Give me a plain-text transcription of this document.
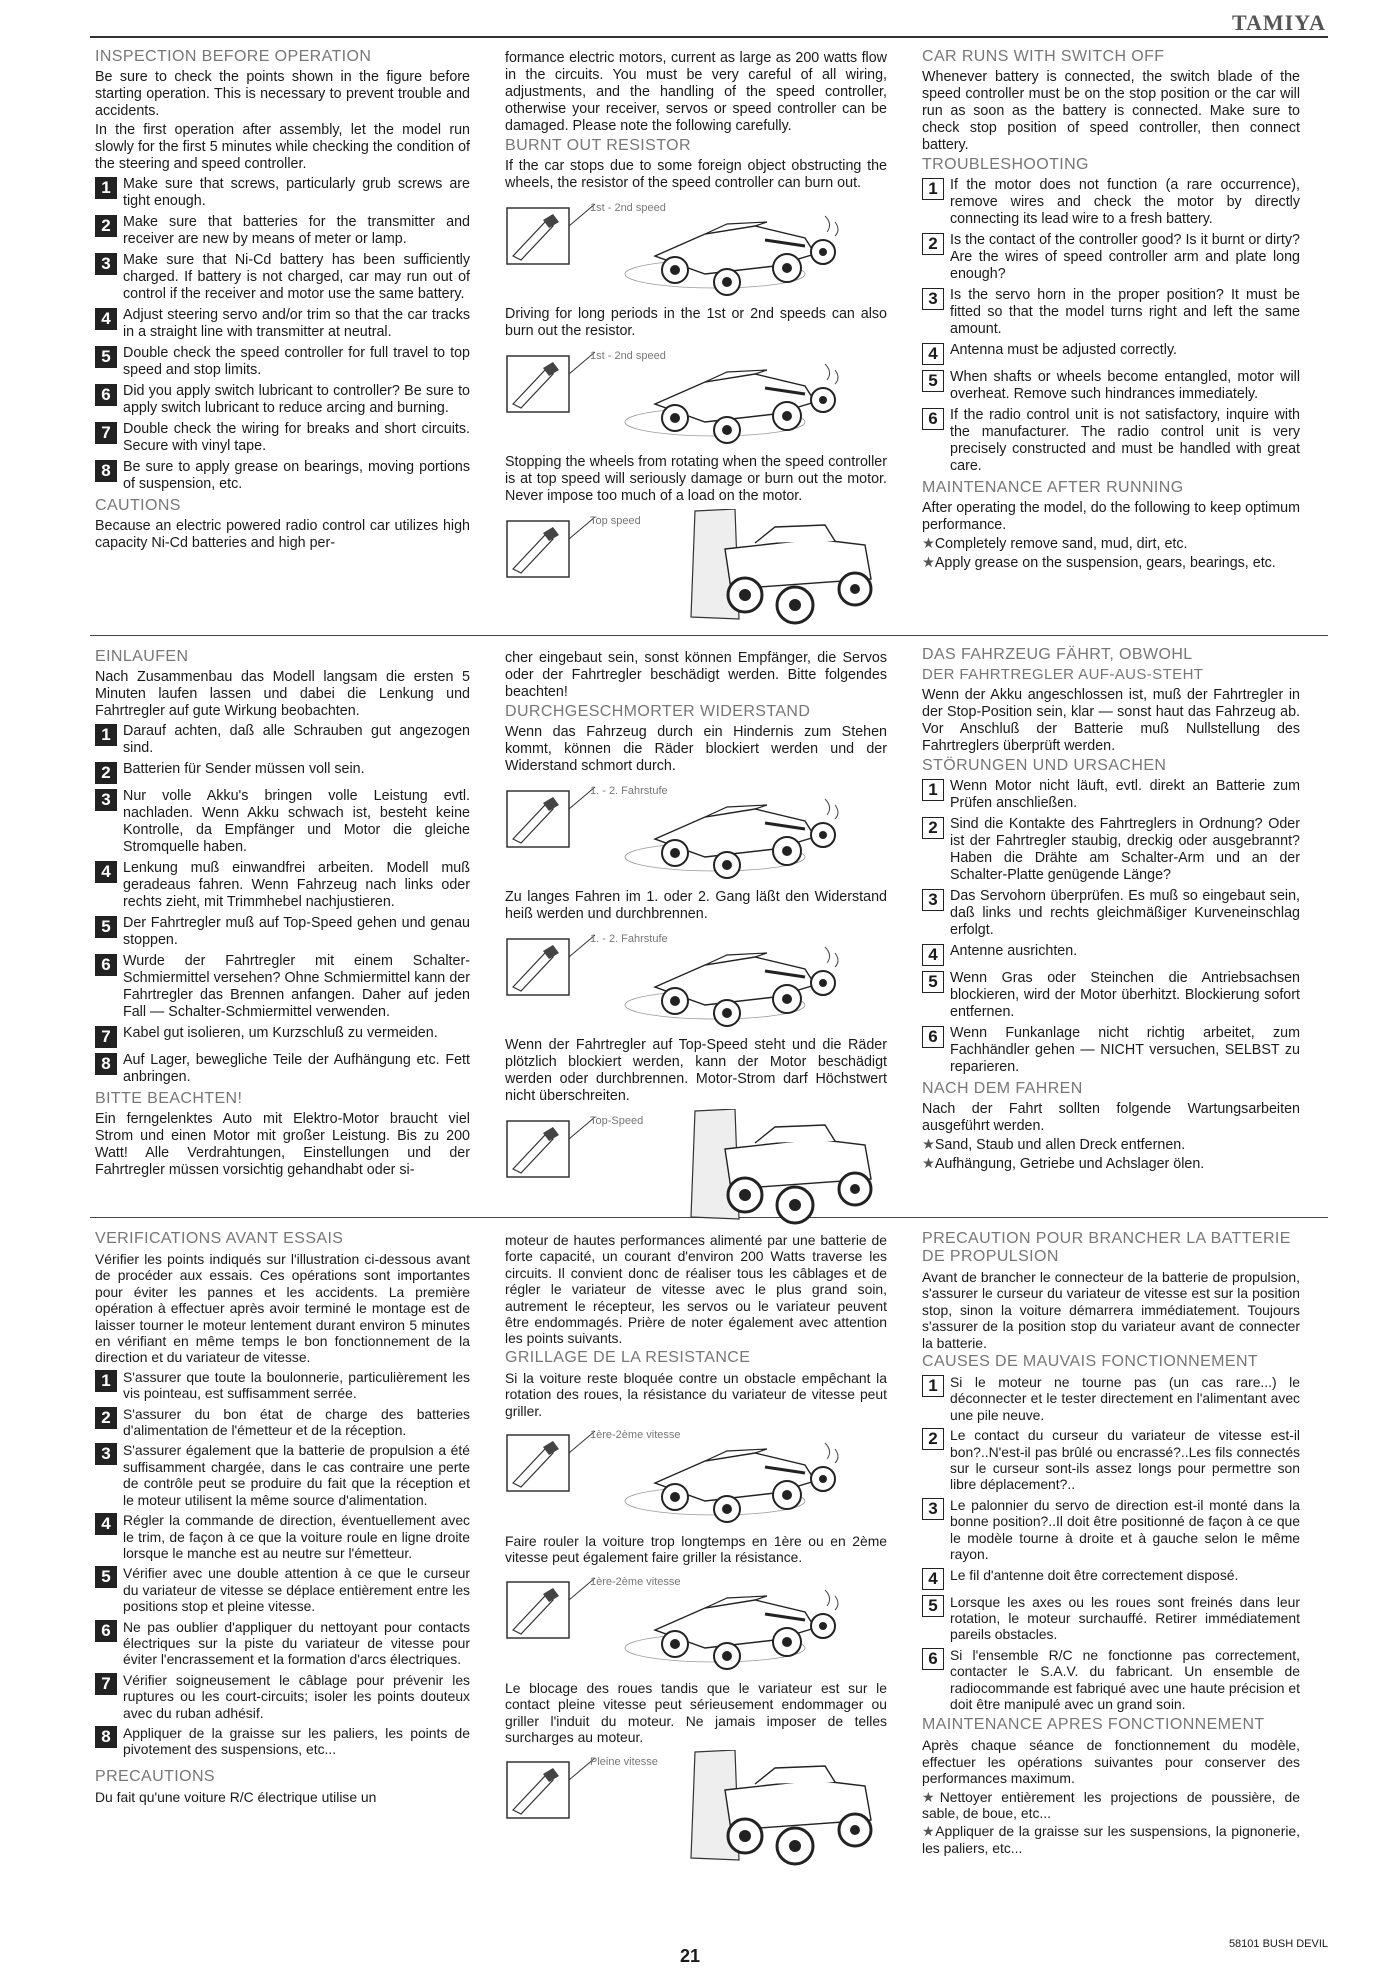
TAMIYA
INSPECTION BEFORE OPERATION

Be sure to check the points shown in the figure before starting operation. This is necessary to prevent trouble and accidents.

In the first operation after assembly, let the model run slowly for the first 5 minutes while checking the condition of the steering and speed controller.

1 Make sure that screws, particularly grub screws are tight enough.
2 Make sure that batteries for the transmitter and receiver are new by means of meter or lamp.
3 Make sure that Ni-Cd battery has been sufficiently charged. If battery is not charged, car may run out of control if the receiver and motor use the same battery.
4 Adjust steering servo and/or trim so that the car tracks in a straight line with transmitter at neutral.
5 Double check the speed controller for full travel to top speed and stop limits.
6 Did you apply switch lubricant to controller? Be sure to apply switch lubricant to reduce arcing and burning.
7 Double check the wiring for breaks and short circuits. Secure with vinyl tape.
8 Be sure to apply grease on bearings, moving portions of suspension, etc.
CAUTIONS

Because an electric powered radio control car utilizes high capacity Ni-Cd batteries and high per-

formance electric motors, current as large as 200 watts flow in the circuits. You must be very careful of all wiring, adjustments, and the handling of the speed controller, otherwise your receiver, servos or speed controller can be damaged. Please note the following carefully.

BURNT OUT RESISTOR

If the car stops due to some foreign object obstructing the wheels, the resistor of the speed controller can burn out.

1st - 2nd speed

Driving for long periods in the 1st or 2nd speeds can also burn out the resistor.

1st - 2nd speed

Stopping the wheels from rotating when the speed controller is at top speed will seriously damage or burn out the motor. Never impose too much of a load on the motor.

Top speed
CAR RUNS WITH SWITCH OFF

Whenever battery is connected, the switch blade of the speed controller must be on the stop position or the car will run as soon as the battery is connected. Make sure to check stop position of speed controller, then connect battery.

TROUBLESHOOTING
1 If the motor does not function (a rare occurrence), remove wires and check the motor by directly connecting its lead wire to a fresh battery.
2 Is the contact of the controller good? Is it burnt or dirty? Are the wires of speed controller arm and plate long enough?
3 Is the servo horn in the proper position? It must be fitted so that the model turns right and left the same amount.
4 Antenna must be adjusted correctly.
5 When shafts or wheels become entangled, motor will overheat. Remove such hindrances immediately.
6 If the radio control unit is not satisfactory, inquire with the manufacturer. The radio control unit is very precisely constructed and must be handled with great care.
MAINTENANCE AFTER RUNNING

After operating the model, do the following to keep optimum performance.

★Completely remove sand, mud, dirt, etc.

★Apply grease on the suspension, gears, bearings, etc.

EINLAUFEN

Nach Zusammenbau das Modell langsam die ersten 5 Minuten laufen lassen und dabei die Lenkung und Fahrtregler auf gute Wirkung beobachten.

1 Darauf achten, daß alle Schrauben gut angezogen sind.
2 Batterien für Sender müssen voll sein.
3 Nur volle Akku's bringen volle Leistung evtl. nachladen. Wenn Akku schwach ist, besteht keine Kontrolle, da Empfänger und Motor die gleiche Stromquelle haben.
4 Lenkung muß einwandfrei arbeiten. Modell muß geradeaus fahren. Wenn Fahrzeug nach links oder rechts zieht, mit Trimmhebel nachjustieren.
5 Der Fahrtregler muß auf Top-Speed gehen und genau stoppen.
6 Wurde der Fahrtregler mit einem Schalter-Schmiermittel versehen? Ohne Schmiermittel kann der Fahrtregler das Brennen anfangen. Daher auf jeden Fall — Schalter-Schmiermittel verwenden.
7 Kabel gut isolieren, um Kurzschluß zu vermeiden.
8 Auf Lager, bewegliche Teile der Aufhängung etc. Fett anbringen.
BITTE BEACHTEN!

Ein ferngelenktes Auto mit Elektro-Motor braucht viel Strom und einen Motor mit großer Leistung. Bis zu 200 Watt! Alle Verdrahtungen, Einstellungen und der Fahrtregler müssen vorsichtig gehandhabt oder si-

cher eingebaut sein, sonst können Empfänger, die Servos oder der Fahrtregler beschädigt werden. Bitte folgendes beachten!

DURCHGESCHMORTER WIDERSTAND

Wenn das Fahrzeug durch ein Hindernis zum Stehen kommt, können die Räder blockiert werden und der Widerstand schmort durch.

1. - 2. Fahrstufe

Zu langes Fahren im 1. oder 2. Gang läßt den Widerstand heiß werden und durchbrennen.

1. - 2. Fahrstufe

Wenn der Fahrtregler auf Top-Speed steht und die Räder plötzlich blockiert werden, kann der Motor beschädigt werden oder durchbrennen. Motor-Strom darf Höchstwert nicht überschreiten.

Top-Speed
DAS FAHRZEUG FÄHRT, OBWOHL
DER FAHRTREGLER AUF-AUS-STEHT

Wenn der Akku angeschlossen ist, muß der Fahrtregler in der Stop-Position sein, klar — sonst haut das Fahrzeug ab. Vor Anschluß der Batterie muß Nullstellung des Fahrtreglers überprüft werden.

STÖRUNGEN UND URSACHEN
1 Wenn Motor nicht läuft, evtl. direkt an Batterie zum Prüfen anschließen.
2 Sind die Kontakte des Fahrtreglers in Ordnung? Oder ist der Fahrtregler staubig, dreckig oder ausgebrannt? Haben die Drähte am Schalter-Arm und an der Schalter-Platte genügende Länge?
3 Das Servohorn überprüfen. Es muß so eingebaut sein, daß links und rechts gleichmäßiger Kurveneinschlag erfolgt.
4 Antenne ausrichten.
5 Wenn Gras oder Steinchen die Antriebsachsen blockieren, wird der Motor überhitzt. Blockierung sofort entfernen.
6 Wenn Funkanlage nicht richtig arbeitet, zum Fachhändler gehen — NICHT versuchen, SELBST zu reparieren.
NACH DEM FAHREN

Nach der Fahrt sollten folgende Wartungsarbeiten ausgeführt werden.

★Sand, Staub und allen Dreck entfernen.

★Aufhängung, Getriebe und Achslager ölen.

VERIFICATIONS AVANT ESSAIS

Vérifier les points indiqués sur l'illustration ci-dessous avant de procéder aux essais. Ces opérations sont importantes pour éviter les pannes et les accidents. La première opération à effectuer après avoir terminé le montage est de laisser tourner le moteur lentement durant environ 5 minutes en vérifiant en même temps le bon fonctionnement de la direction et du variateur de vitesse.

1 S'assurer que toute la boulonnerie, particulièrement les vis pointeau, est suffisamment serrée.
2 S'assurer du bon état de charge des batteries d'alimentation de l'émetteur et de la réception.
3 S'assurer également que la batterie de propulsion a été suffisamment chargée, dans le cas contraire une perte de contrôle peut se produire du fait que la réception et le moteur utilisent la même source d'alimentation.
4 Régler la commande de direction, éventuellement avec le trim, de façon à ce que la voiture roule en ligne droite lorsque le manche est au neutre sur l'émetteur.
5 Vérifier avec une double attention à ce que le curseur du variateur de vitesse se déplace entièrement entre les positions stop et pleine vitesse.
6 Ne pas oublier d'appliquer du nettoyant pour contacts électriques sur la piste du variateur de vitesse pour éviter l'encrassement et la formation d'arcs électriques.
7 Vérifier soigneusement le câblage pour prévenir les ruptures ou les court-circuits; isoler les points douteux avec du ruban adhésif.
8 Appliquer de la graisse sur les paliers, les points de pivotement des suspensions, etc...
PRECAUTIONS

Du fait qu'une voiture R/C électrique utilise un

moteur de hautes performances alimenté par une batterie de forte capacité, un courant d'environ 200 Watts traverse les circuits. Il convient donc de réaliser tous les câblages et de régler le variateur de vitesse avec le plus grand soin, autrement le récepteur, les servos ou le variateur peuvent être endommagés. Prière de noter également avec attention les points suivants.

GRILLAGE DE LA RESISTANCE

Si la voiture reste bloquée contre un obstacle empêchant la rotation des roues, la résistance du variateur de vitesse peut griller.

1ère-2ème vitesse

Faire rouler la voiture trop longtemps en 1ère ou en 2ème vitesse peut également faire griller la résistance.

1ère-2ème vitesse

Le blocage des roues tandis que le variateur est sur le contact pleine vitesse peut sérieusement endommager ou griller l'induit du moteur. Ne jamais imposer de telles surcharges au moteur.

Pleine vitesse
PRECAUTION POUR BRANCHER LA BATTERIE DE PROPULSION

Avant de brancher le connecteur de la batterie de propulsion, s'assurer le curseur du variateur de vitesse est sur la position stop, sinon la voiture démarrera immédiatement. Toujours s'assurer de la position stop du variateur avant de connecter la batterie.

CAUSES DE MAUVAIS FONCTIONNEMENT
1 Si le moteur ne tourne pas (un cas rare...) le déconnecter et le tester directement en l'alimentant avec une pile neuve.
2 Le contact du curseur du variateur de vitesse est-il bon?..N'est-il pas brûlé ou encrassé?..Les fils connectés sur le curseur sont-ils assez longs pour permettre son libre déplacement?..
3 Le palonnier du servo de direction est-il monté dans la bonne position?..Il doit être positionné de façon à ce que le modèle tourne à droite et à gauche selon le même rayon.
4 Le fil d'antenne doit être correctement disposé.
5 Lorsque les axes ou les roues sont freinés dans leur rotation, le moteur surchauffé. Retirer immédiatement pareils obstacles.
6 Si l'ensemble R/C ne fonctionne pas correctement, contacter le S.A.V. du fabricant. Un ensemble de radiocommande est fabriqué avec une haute précision et doit être manipulé avec un grand soin.
MAINTENANCE APRES FONCTIONNEMENT

Après chaque séance de fonctionnement du modèle, effectuer les opérations suivantes pour conserver des performances maximum.

★Nettoyer entièrement les projections de poussière, de sable, de boue, etc...

★Appliquer de la graisse sur les suspensions, la pignonerie, les paliers, etc...

21
58101 BUSH DEVIL
